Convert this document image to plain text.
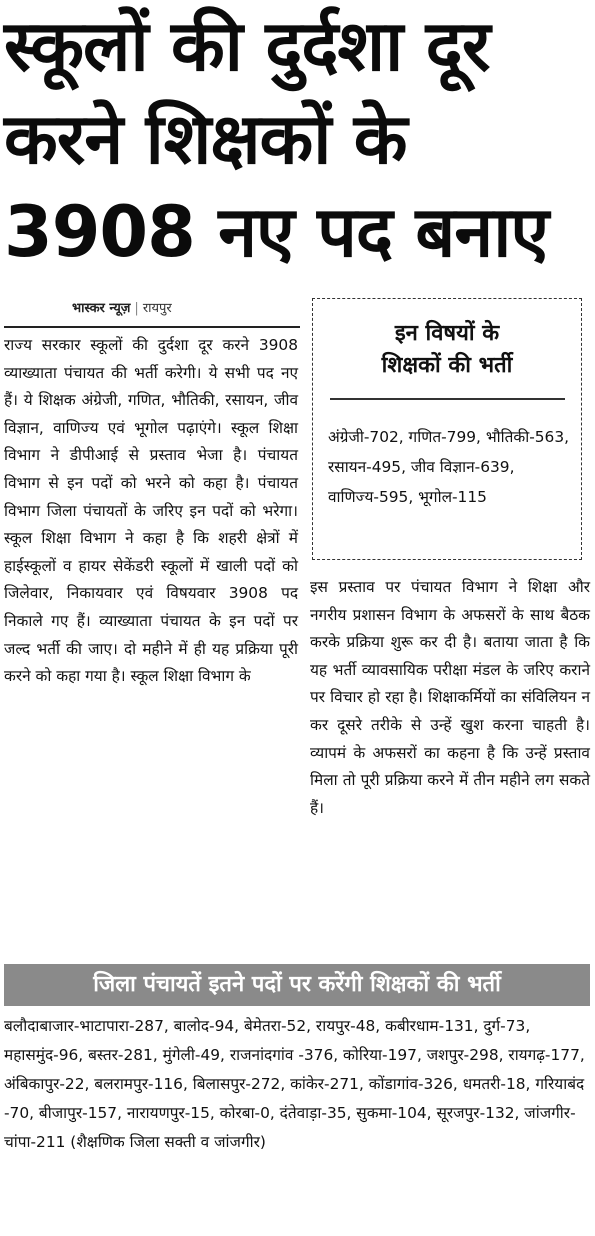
स्कूलों की दुर्दशा दूर
करने शिक्षकों के
3908 नए पद बनाए
भास्कर न्यूज़ | रायपुर
राज्य सरकार स्कूलों की दुर्दशा दूर करने 3908 व्याख्याता पंचायत की भर्ती करेगी। ये सभी पद नए हैं। ये शिक्षक अंग्रेजी, गणित, भौतिकी, रसायन, जीव विज्ञान, वाणिज्य एवं भूगोल पढ़ाएंगे। स्कूल शिक्षा विभाग ने डीपीआई से प्रस्ताव भेजा है। पंचायत विभाग से इन पदों को भरने को कहा है। पंचायत विभाग जिला पंचायतों के जरिए इन पदों को भरेगा। स्कूल शिक्षा विभाग ने कहा है कि शहरी क्षेत्रों में हाईस्कूलों व हायर सेकेंडरी स्कूलों में खाली पदों को जिलेवार, निकायवार एवं विषयवार 3908 पद निकाले गए हैं। व्याख्याता पंचायत के इन पदों पर जल्द भर्ती की जाए। दो महीने में ही यह प्रक्रिया पूरी करने को कहा गया है। स्कूल शिक्षा विभाग के
इन विषयों के
शिक्षकों की भर्ती
अंग्रेजी-702, गणित-799, भौतिकी-563, रसायन-495, जीव विज्ञान-639, वाणिज्य-595, भूगोल-115
इस प्रस्ताव पर पंचायत विभाग ने शिक्षा और नगरीय प्रशासन विभाग के अफसरों के साथ बैठक करके प्रक्रिया शुरू कर दी है। बताया जाता है कि यह भर्ती व्यावसायिक परीक्षा मंडल के जरिए कराने पर विचार हो रहा है। शिक्षाकर्मियों का संविलियन न कर दूसरे तरीके से उन्हें खुश करना चाहती है। व्यापमं के अफसरों का कहना है कि उन्हें प्रस्ताव मिला तो पूरी प्रक्रिया करने में तीन महीने लग सकते हैं।
जिला पंचायतें इतने पदों पर करेंगी शिक्षकों की भर्ती
बलौदाबाजार-भाटापारा-287, बालोद-94, बेमेतरा-52, रायपुर-48, कबीरधाम-131, दुर्ग-73, महासमुंद-96, बस्तर-281, मुंगेली-49, राजनांदगांव -376, कोरिया-197, जशपुर-298, रायगढ़-177, अंबिकापुर-22, बलरामपुर-116, बिलासपुर-272, कांकेर-271, कोंडागांव-326, धमतरी-18, गरियाबंद -70, बीजापुर-157, नारायणपुर-15, कोरबा-0, दंतेवाड़ा-35, सुकमा-104, सूरजपुर-132, जांजगीर-चांपा-211 (शैक्षणिक जिला सक्ती व जांजगीर)
